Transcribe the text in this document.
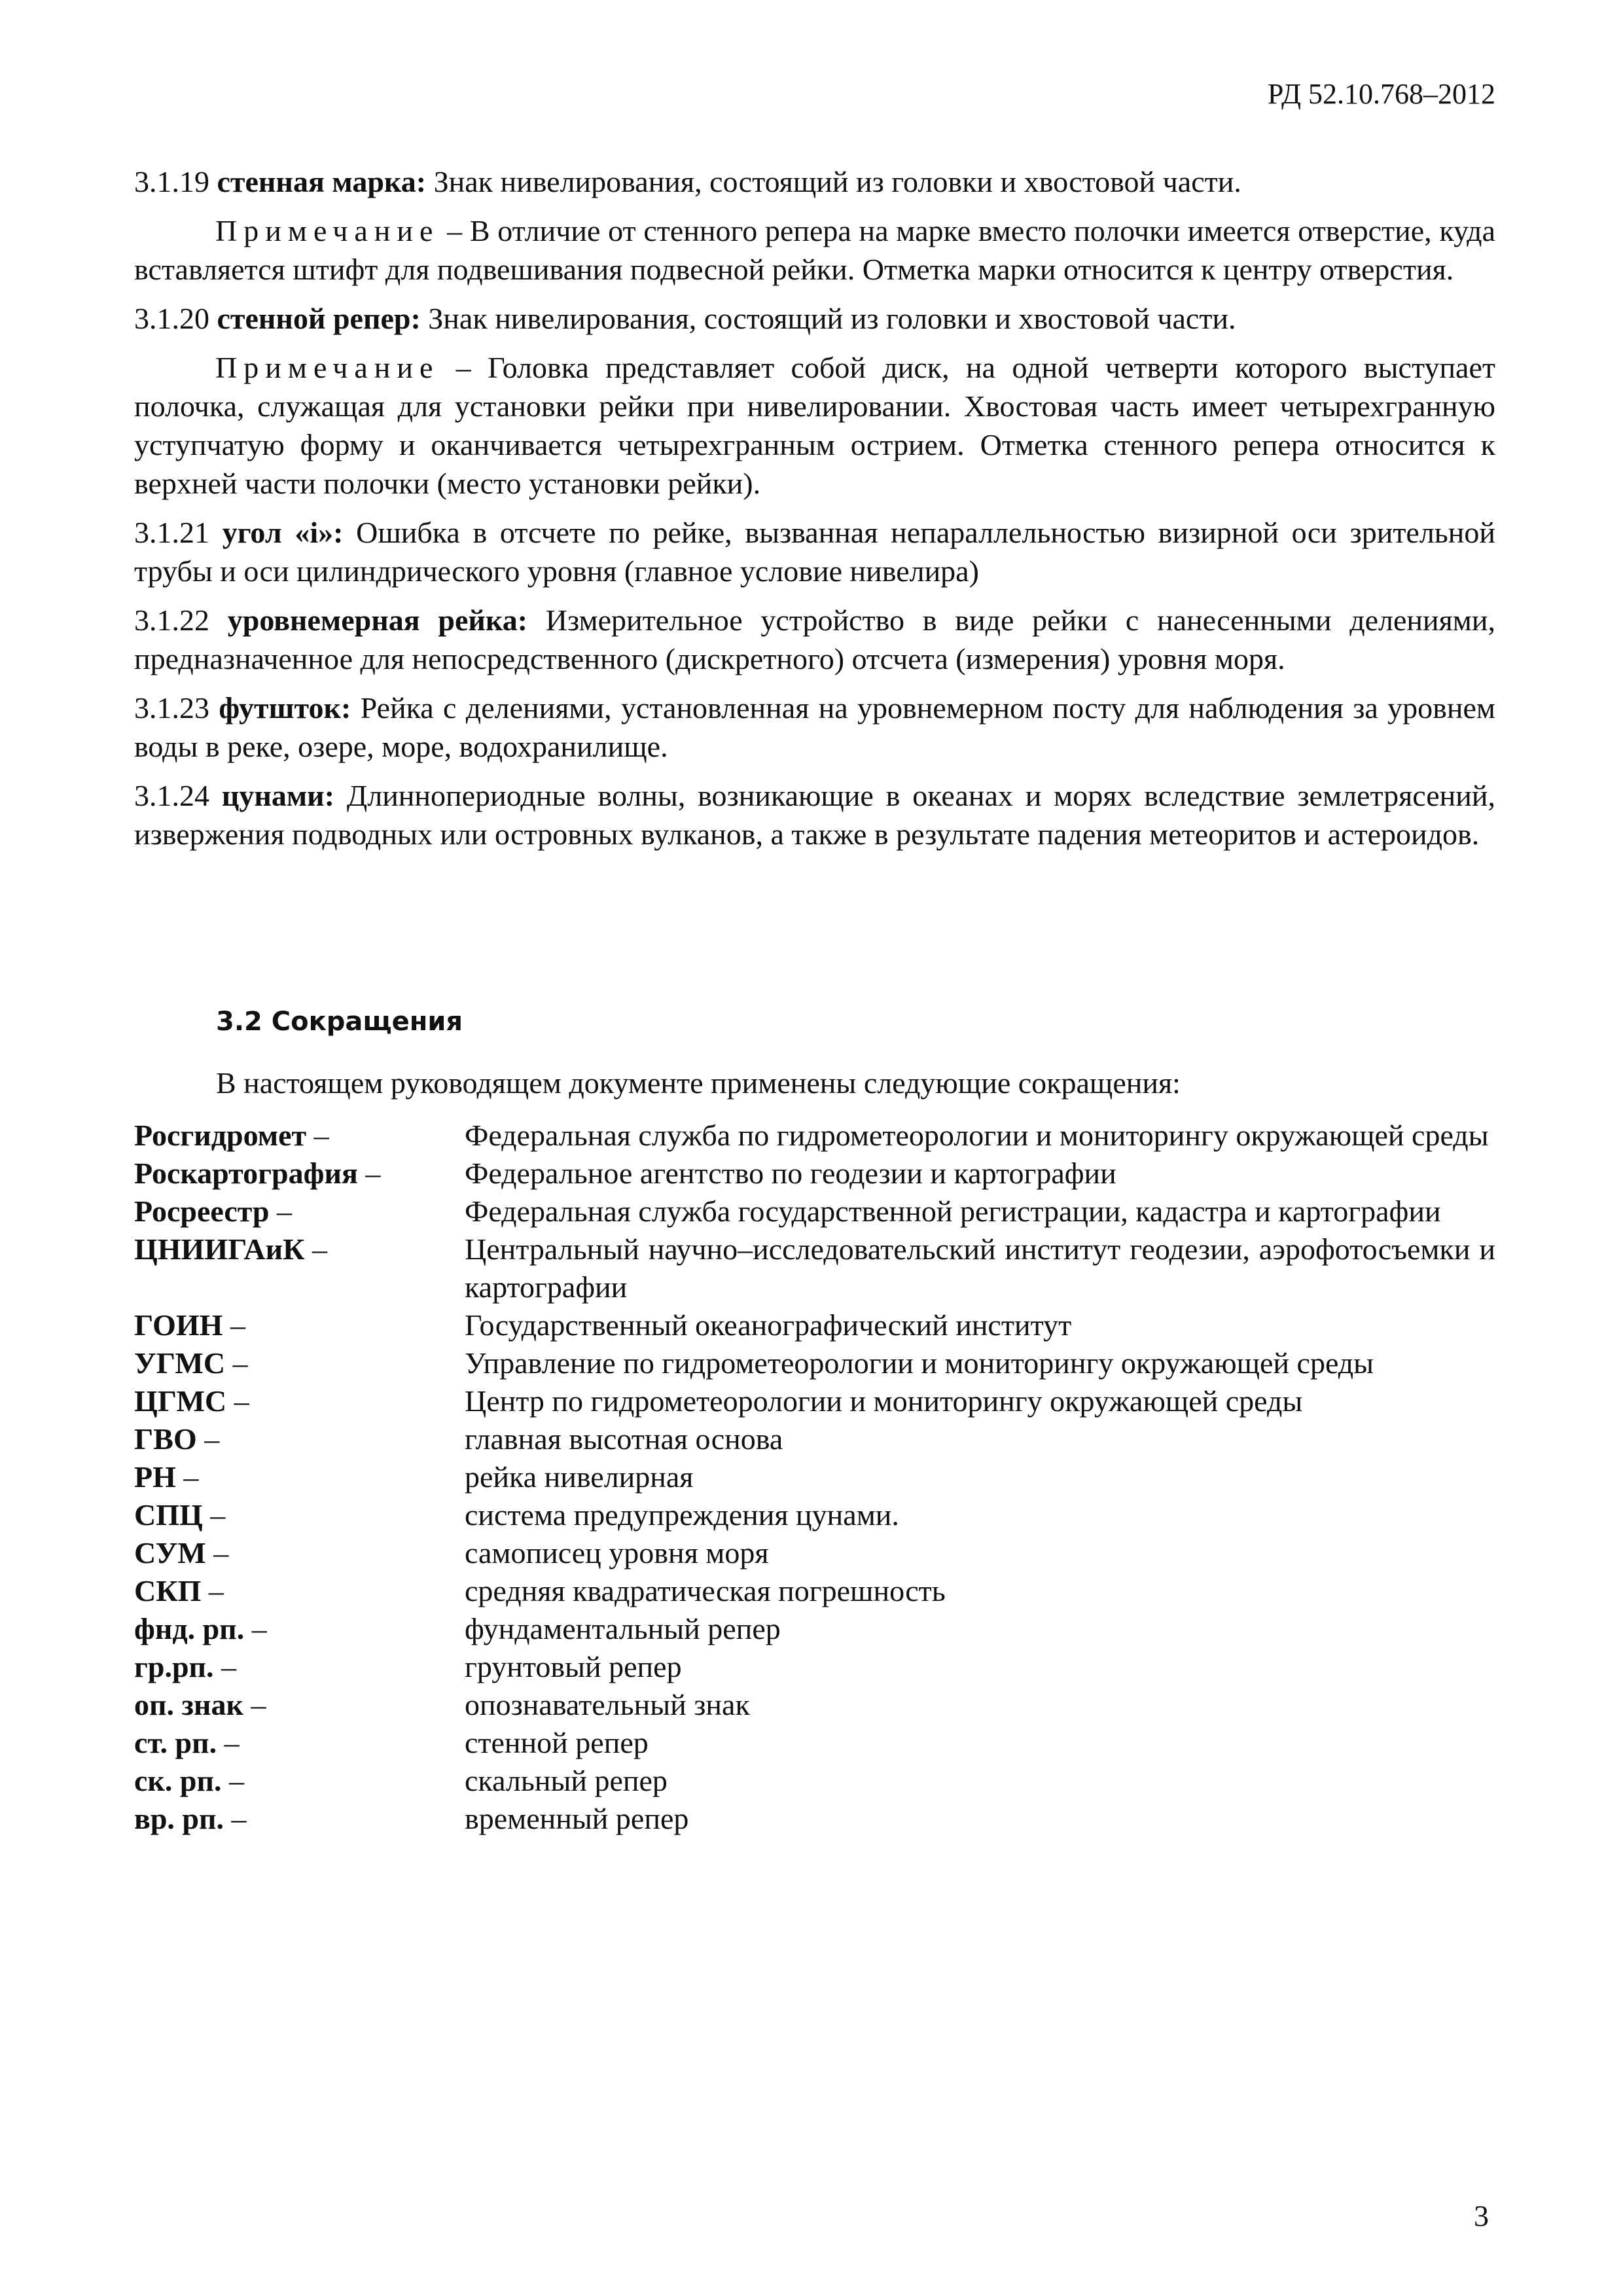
РД 52.10.768–2012

3.1.19 стенная марка: Знак нивелирования, состоящий из головки и хвостовой части.

Примечание – В отличие от стенного репера на марке вместо полочки имеется отверстие, куда вставляется штифт для подвешивания подвесной рейки. Отметка марки относится к центру отверстия.

3.1.20 стенной репер: Знак нивелирования, состоящий из головки и хвостовой части.

Примечание – Головка представляет собой диск, на одной четверти которого выступает полочка, служащая для установки рейки при нивелировании. Хвостовая часть имеет четырехгранную уступчатую форму и оканчивается четырехгранным острием. Отметка стенного репера относится к верхней части полочки (место установки рейки).

3.1.21 угол «i»: Ошибка в отсчете по рейке, вызванная непараллельностью визирной оси зрительной трубы и оси цилиндрического уровня (главное условие нивелира)

3.1.22 уровнемерная рейка: Измерительное устройство в виде рейки с нанесенными делениями, предназначенное для непосредственного (дискретного) отсчета (измерения) уровня моря.

3.1.23 футшток: Рейка с делениями, установленная на уровнемерном посту для наблюдения за уровнем воды в реке, озере, море, водохранилище.

3.1.24 цунами: Длиннопериодные волны, возникающие в океанах и морях вследствие землетрясений, извержения подводных или островных вулканов, а также в результате падения метеоритов и астероидов.

3.2 Сокращения

В настоящем руководящем документе применены следующие сокращения:

Росгидромет –	Федеральная служба по гидрометеорологии и мониторингу окружающей среды
Роскартография –	Федеральное агентство по геодезии и картографии
Росреестр –	Федеральная служба государственной регистрации, кадастра и картографии
ЦНИИГАиК –	Центральный научно–исследовательский институт геодезии, аэрофотосъемки и картографии
ГОИН –	Государственный океанографический институт
УГМС –	Управление по гидрометеорологии и мониторингу окружающей среды
ЦГМС –	Центр по гидрометеорологии и мониторингу окружающей среды
ГВО –	главная высотная основа
РН –	рейка нивелирная
СПЦ –	система предупреждения цунами.
СУМ –	самописец уровня моря
СКП –	средняя квадратическая погрешность
фнд. рп. –	фундаментальный репер
гр.рп. –	грунтовый репер
оп. знак –	опознавательный знак
ст. рп. –	стенной репер
ск. рп. –	скальный репер
вр. рп. –	временный репер
3
